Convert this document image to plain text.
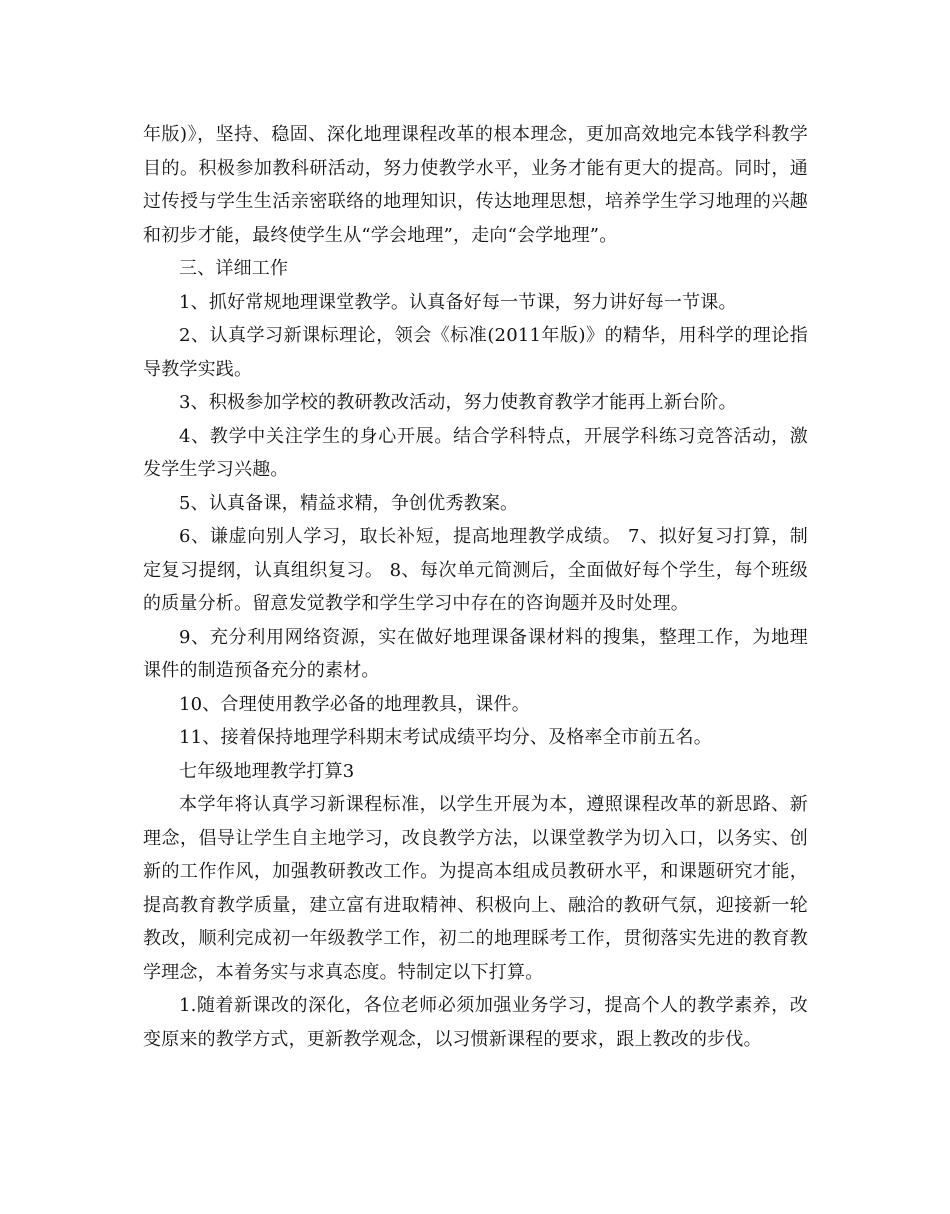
年版)》，坚持、稳固、深化地理课程改革的根本理念，更加高效地完本钱学科教学目的。积极参加教科研活动，努力使教学水平，业务才能有更大的提高。同时，通过传授与学生生活亲密联络的地理知识，传达地理思想，培养学生学习地理的兴趣和初步才能，最终使学生从“学会地理”，走向“会学地理”。

三、详细工作

1、抓好常规地理课堂教学。认真备好每一节课，努力讲好每一节课。

2、认真学习新课标理论，领会《标准(2011年版)》的精华，用科学的理论指导教学实践。

3、积极参加学校的教研教改活动，努力使教育教学才能再上新台阶。

4、教学中关注学生的身心开展。结合学科特点，开展学科练习竞答活动，激发学生学习兴趣。

5、认真备课，精益求精，争创优秀教案。

6、谦虚向别人学习，取长补短，提高地理教学成绩。 7、拟好复习打算，制定复习提纲，认真组织复习。 8、每次单元简测后，全面做好每个学生，每个班级的质量分析。留意发觉教学和学生学习中存在的咨询题并及时处理。

9、充分利用网络资源，实在做好地理课备课材料的搜集，整理工作，为地理课件的制造预备充分的素材。

10、合理使用教学必备的地理教具，课件。

11、接着保持地理学科期末考试成绩平均分、及格率全市前五名。

七年级地理教学打算3

本学年将认真学习新课程标准，以学生开展为本，遵照课程改革的新思路、新理念，倡导让学生自主地学习，改良教学方法，以课堂教学为切入口，以务实、创新的工作作风，加强教研教改工作。为提高本组成员教研水平，和课题研究才能，提高教育教学质量，建立富有进取精神、积极向上、融洽的教研气氛，迎接新一轮教改，顺利完成初一年级教学工作，初二的地理睬考工作，贯彻落实先进的教育教学理念，本着务实与求真态度。特制定以下打算。

1.随着新课改的深化，各位老师必须加强业务学习，提高个人的教学素养，改变原来的教学方式，更新教学观念，以习惯新课程的要求，跟上教改的步伐。
